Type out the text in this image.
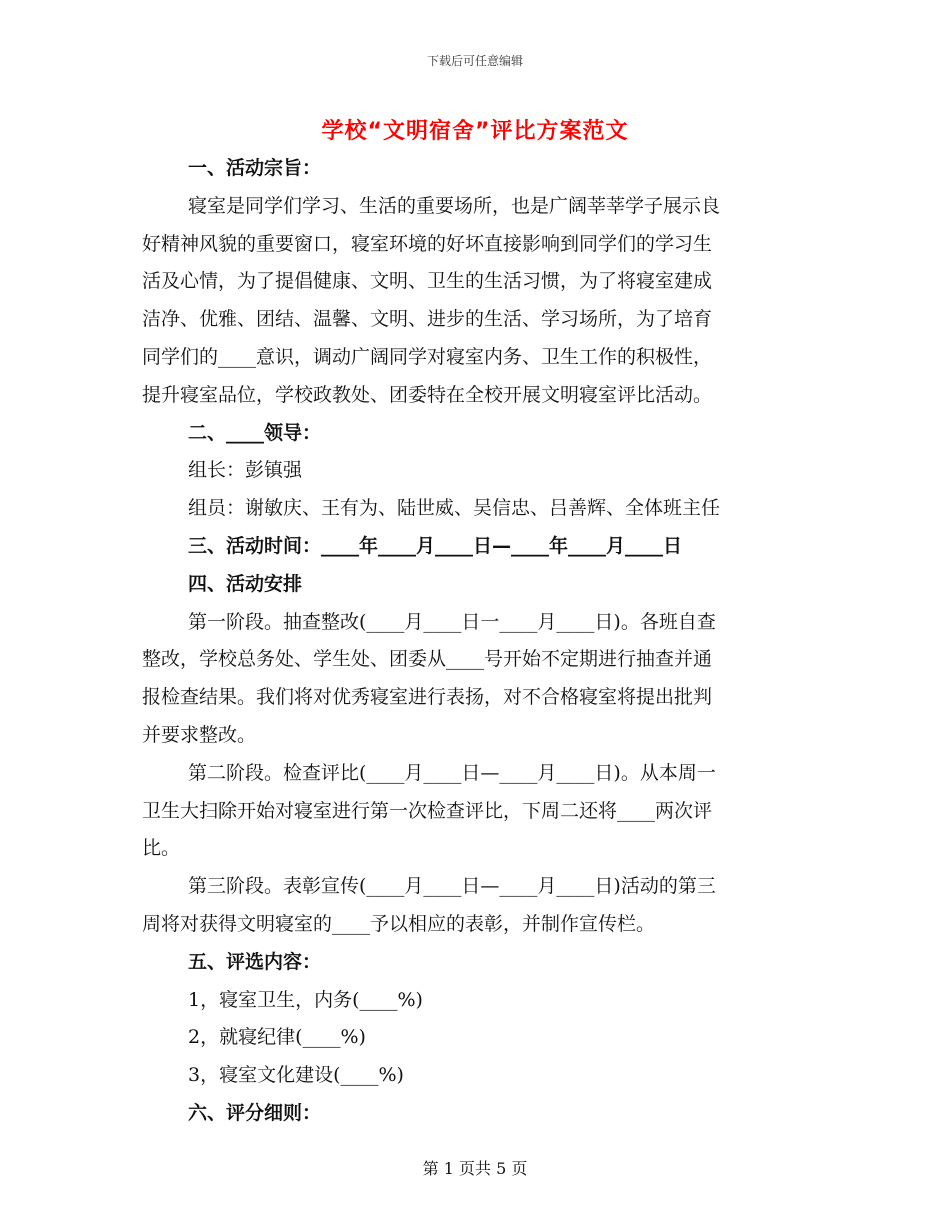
下载后可任意编辑
学校“文明宿舍”评比方案范文
一、活动宗旨：
寝室是同学们学习、生活的重要场所，也是广阔莘莘学子展示良
好精神风貌的重要窗口，寝室环境的好坏直接影响到同学们的学习生
活及心情，为了提倡健康、文明、卫生的生活习惯，为了将寝室建成
洁净、优雅、团结、温馨、文明、进步的生活、学习场所，为了培育
同学们的____意识，调动广阔同学对寝室内务、卫生工作的积极性，
提升寝室品位，学校政教处、团委特在全校开展文明寝室评比活动。
二、____领导：
组长：彭镇强
组员：谢敏庆、王有为、陆世威、吴信忠、吕善辉、全体班主任
三、活动时间：____年____月____日—____年____月____日
四、活动安排
第一阶段。抽查整改(____月____日一____月____日)。各班自查
整改，学校总务处、学生处、团委从____号开始不定期进行抽查并通
报检查结果。我们将对优秀寝室进行表扬，对不合格寝室将提出批判
并要求整改。
第二阶段。检查评比(____月____日—____月____日)。从本周一
卫生大扫除开始对寝室进行第一次检查评比，下周二还将____两次评
比。
第三阶段。表彰宣传(____月____日—____月____日)活动的第三
周将对获得文明寝室的____予以相应的表彰，并制作宣传栏。
五、评选内容：
1，寝室卫生，内务(____%)
2，就寝纪律(____%)
3，寝室文化建设(____%)
六、评分细则：
第 1 页共 5 页
